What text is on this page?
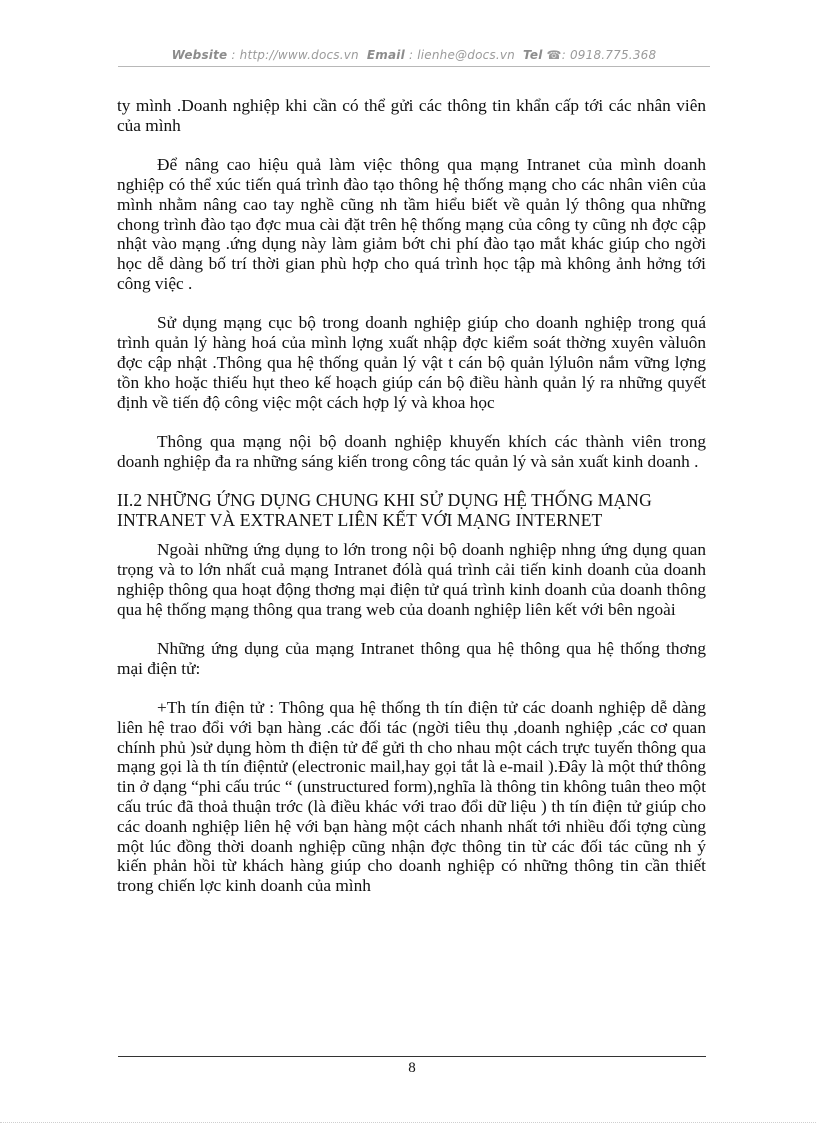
Website : http://www.docs.vn Email : lienhe@docs.vn Tel ☎: 0918.775.368

ty mình .Doanh nghiệp khi cần có thể gửi các thông tin khẩn cấp tới các nhân viên của mình

Để nâng cao hiệu quả làm việc thông qua mạng Intranet của mình doanh nghiệp có thể xúc tiến quá trình đào tạo thông hệ thống mạng cho các nhân viên của mình nhằm nâng cao tay nghề cũng nh tầm hiểu biết về quản lý thông qua những chong trình đào tạo đợc mua cài đặt trên hệ thống mạng của công ty cũng nh đợc cập nhật vào mạng .ứng dụng này làm giảm bớt chi phí đào tạo mắt khác giúp cho ngời học dễ dàng bố trí thời gian phù hợp cho quá trình học tập mà không ảnh hởng tới công việc .

Sử dụng mạng cục bộ trong doanh nghiệp giúp cho doanh nghiệp trong quá trình quản lý hàng hoá của mình lợng xuất nhập đợc kiểm soát thờng xuyên vàluôn đợc cập nhật .Thông qua hệ thống quản lý vật t cán bộ quản lýluôn nắm vững lợng tồn kho hoặc thiếu hụt theo kế hoạch giúp cán bộ điều hành quản lý ra những quyết định về tiến độ công việc một cách hợp lý và khoa học

Thông qua mạng nội bộ doanh nghiệp khuyến khích các thành viên trong doanh nghiệp đa ra những sáng kiến trong công tác quản lý và sản xuất kinh doanh .

II.2 NHỮNG ỨNG DỤNG CHUNG KHI SỬ DỤNG HỆ THỐNG MẠNG INTRANET VÀ EXTRANET LIÊN KẾT VỚI MẠNG INTERNET

Ngoài những ứng dụng to lớn trong nội bộ doanh nghiệp nhng ứng dụng quan trọng và to lớn nhất cuả mạng Intranet đólà quá trình cải tiến kinh doanh của doanh nghiệp thông qua hoạt động thơng mại điện tử quá trình kinh doanh của doanh thông qua hệ thống mạng thông qua trang web của doanh nghiệp liên kết với bên ngoài

Những ứng dụng của mạng Intranet thông qua hệ thông qua hệ thống thơng mại điện tử:

+Th tín điện tử : Thông qua hệ thống th tín điện tử các doanh nghiệp dễ dàng liên hệ trao đổi với bạn hàng .các đối tác (ngời tiêu thụ ,doanh nghiệp ,các cơ quan chính phủ )sử dụng hòm th điện tử để gửi th cho nhau một cách trực tuyến thông qua mạng gọi là th tín điệntử (electronic mail,hay gọi tắt là e-mail ).Đây là một thứ thông tin ở dạng “phi cấu trúc “ (unstructured form),nghĩa là thông tin không tuân theo một cấu trúc đã thoả thuận trớc (là điều khác với trao đổi dữ liệu ) th tín điện tử giúp cho các doanh nghiệp liên hệ với bạn hàng một cách nhanh nhất tới nhiều đối tợng cùng một lúc đồng thời doanh nghiệp cũng nhận đợc thông tin từ các đối tác cũng nh ý kiến phản hồi từ khách hàng giúp cho doanh nghiệp có những thông tin cần thiết trong chiến lợc kinh doanh của mình

8
